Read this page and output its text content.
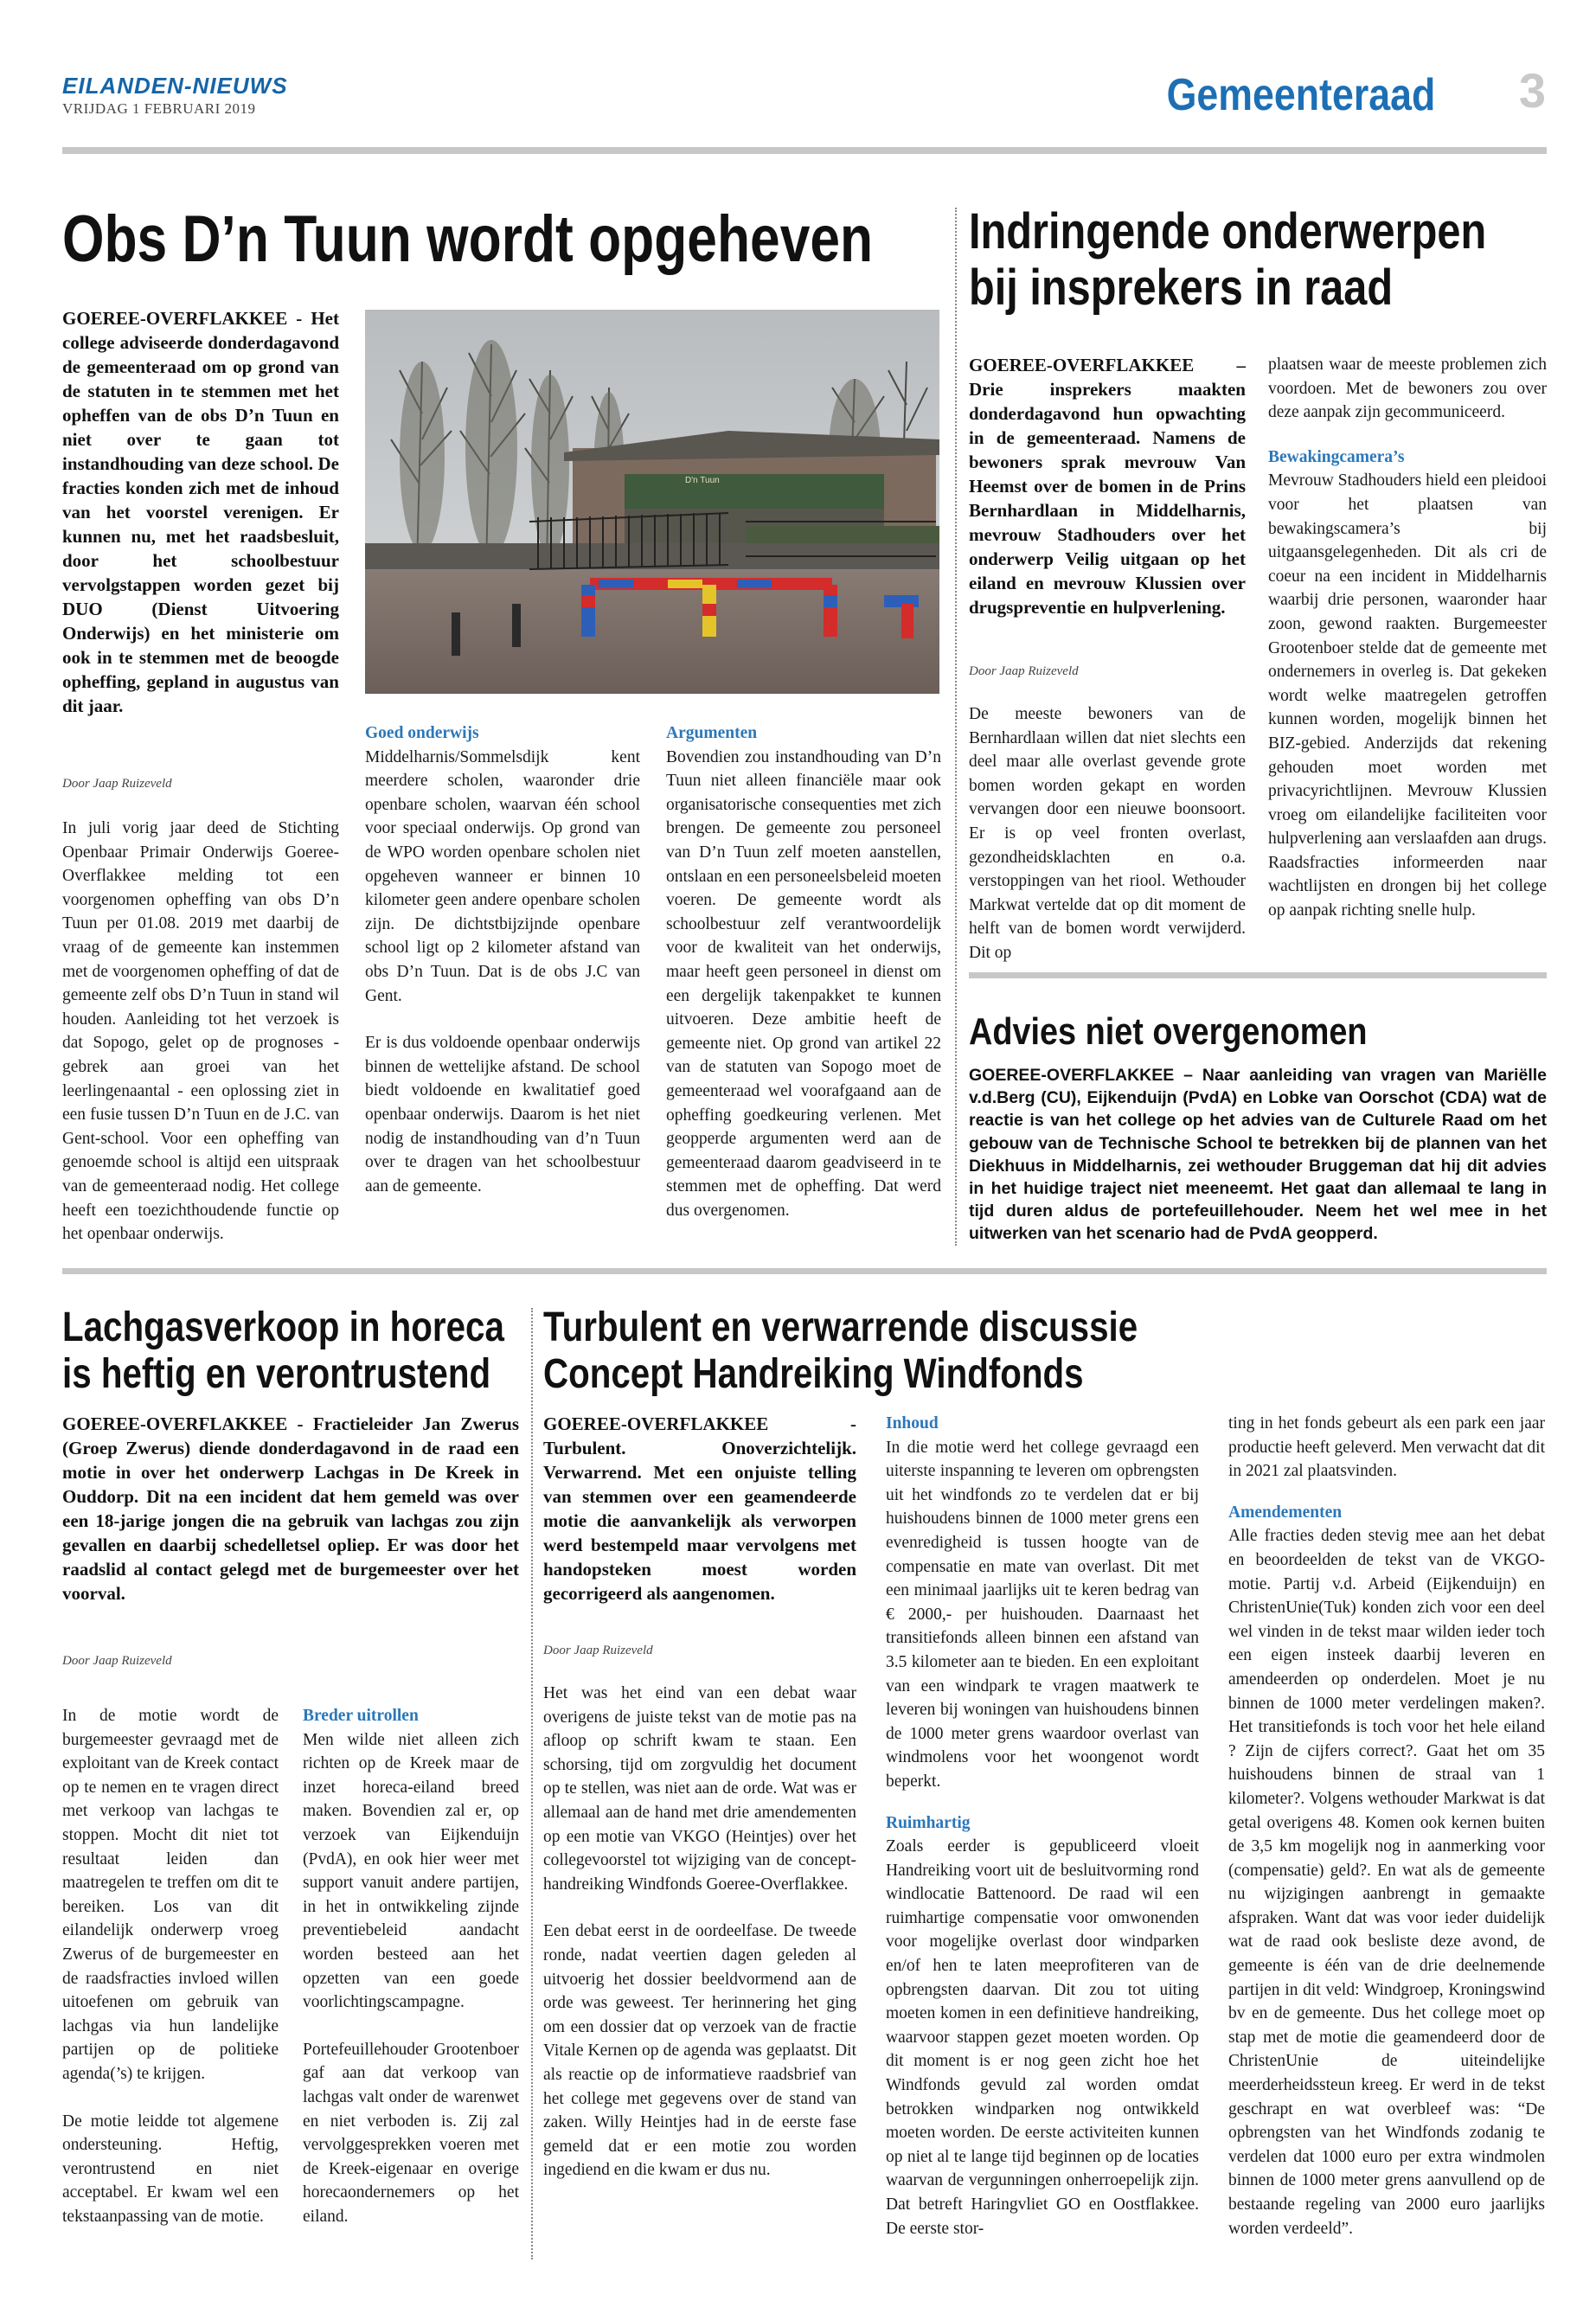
EILANDEN-NIEUWS
VRIJDAG 1 FEBRUARI 2019	Gemeenteraad 3
Obs D’n Tuun wordt opgeheven
GOEREE-OVERFLAKKEE - Het college adviseerde donderdagavond de gemeenteraad om op grond van de statuten in te stemmen met het opheffen van de obs D’n Tuun en niet over te gaan tot instandhouding van deze school. De fracties konden zich met de inhoud van het voorstel verenigen. Er kunnen nu, met het raadsbesluit, door het schoolbestuur vervolgstappen worden gezet bij DUO (Dienst Uitvoering Onderwijs) en het ministerie om ook in te stemmen met de beoogde opheffing, gepland in augustus van dit jaar.
Door Jaap Ruizeveld

In juli vorig jaar deed de Stichting Openbaar Primair Onderwijs Goeree-Overflakkee melding tot een voorgenomen opheffing van obs D’n Tuun per 01.08. 2019 met daarbij de vraag of de gemeente kan instemmen met de voorgenomen opheffing of dat de gemeente zelf obs D’n Tuun in stand wil houden. Aanleiding tot het verzoek is dat Sopogo, gelet op de prognoses - gebrek aan groei van het leerlingenaantal - een oplossing ziet in een fusie tussen D’n Tuun en de J.C. van Gent-school. Voor een opheffing van genoemde school is altijd een uitspraak van de gemeenteraad nodig. Het college heeft een toezichthoudende functie op het openbaar onderwijs.

D'n Tuun
Goed onderwijs

Middelharnis/Sommelsdijk kent meerdere scholen, waaronder drie openbare scholen, waarvan één school voor speciaal onderwijs. Op grond van de WPO worden openbare scholen niet opgeheven wanneer er binnen 10 kilometer geen andere openbare scholen zijn. De dichtstbijzijnde openbare school ligt op 2 kilometer afstand van obs D’n Tuun. Dat is de obs J.C van Gent.

Er is dus voldoende openbaar onderwijs binnen de wettelijke afstand. De school biedt voldoende en kwalitatief goed openbaar onderwijs. Daarom is het niet nodig de instandhouding van d’n Tuun over te dragen van het schoolbestuur aan de gemeente.

Argumenten

Bovendien zou instandhouding van D’n Tuun niet alleen financiële maar ook organisatorische consequenties met zich brengen. De gemeente zou personeel van D’n Tuun zelf moeten aanstellen, ontslaan en een personeelsbeleid moeten voeren. De gemeente wordt als schoolbestuur zelf verantwoordelijk voor de kwaliteit van het onderwijs, maar heeft geen personeel in dienst om een dergelijk takenpakket te kunnen uitvoeren. Deze ambitie heeft de gemeente niet. Op grond van artikel 22 van de statuten van Sopogo moet de gemeenteraad wel voorafgaand aan de opheffing goedkeuring verlenen. Met geopperde argumenten werd aan de gemeenteraad daarom geadviseerd in te stemmen met de opheffing. Dat werd dus overgenomen.

Indringende onderwerpen
bij insprekers in raad
GOEREE-OVERFLAKKEE – Drie insprekers maakten donderdagavond hun opwachting in de gemeenteraad. Namens de bewoners sprak mevrouw Van Heemst over de bomen in de Prins Bernhardlaan in Middelharnis, mevrouw Stadhouders over het onderwerp Veilig uitgaan op het eiland en mevrouw Klussien over drugspreventie en hulpverlening.
Door Jaap Ruizeveld

De meeste bewoners van de Bernhardlaan willen dat niet slechts een deel maar alle overlast gevende grote bomen worden gekapt en worden vervangen door een nieuwe boonsoort. Er is op veel fronten overlast, gezondheidsklachten en o.a. verstoppingen van het riool. Wethouder Markwat vertelde dat op dit moment de helft van de bomen wordt verwijderd. Dit op

plaatsen waar de meeste problemen zich voordoen. Met de bewoners zou over deze aanpak zijn gecommuniceerd.

Bewakingcamera’s

Mevrouw Stadhouders hield een pleidooi voor het plaatsen van bewakingscamera’s bij uitgaansgelegenheden. Dit als cri de coeur na een incident in Middelharnis waarbij drie personen, waaronder haar zoon, gewond raakten. Burgemeester Grootenboer stelde dat de gemeente met ondernemers in overleg is. Dat gekeken wordt welke maatregelen getroffen kunnen worden, mogelijk binnen het BIZ-gebied. Anderzijds dat rekening gehouden moet worden met privacyrichtlijnen. Mevrouw Klussien vroeg om eilandelijke faciliteiten voor hulpverlening aan verslaafden aan drugs. Raadsfracties informeerden naar wachtlijsten en drongen bij het college op aanpak richting snelle hulp.

Advies niet overgenomen
GOEREE-OVERFLAKKEE – Naar aanleiding van vragen van Mariëlle v.d.Berg (CU), Eijkenduijn (PvdA) en Lobke van Oorschot (CDA) wat de reactie is van het college op het advies van de Culturele Raad om het gebouw van de Technische School te betrekken bij de plannen van het Diekhuus in Middelharnis, zei wethouder Bruggeman dat hij dit advies in het huidige traject niet meeneemt. Het gaat dan allemaal te lang in tijd duren aldus de portefeuillehouder. Neem het wel mee in het uitwerken van het scenario had de PvdA geopperd.
Lachgasverkoop in horeca
is heftig en verontrustend
GOEREE-OVERFLAKKEE - Fractieleider Jan Zwerus (Groep Zwerus) diende donderdagavond in de raad een motie in over het onderwerp Lachgas in De Kreek in Ouddorp. Dit na een incident dat hem gemeld was over een 18-jarige jongen die na gebruik van lachgas zou zijn gevallen en daarbij schedelletsel opliep. Er was door het raadslid al contact gelegd met de burgemeester over het voorval.
Door Jaap Ruizeveld

In de motie wordt de burgemeester gevraagd met de exploitant van de Kreek contact op te nemen en te vragen direct met verkoop van lachgas te stoppen. Mocht dit niet tot resultaat leiden dan maatregelen te treffen om dit te bereiken. Los van dit eilandelijk onderwerp vroeg Zwerus of de burgemeester en de raadsfracties invloed willen uitoefenen om gebruik van lachgas via hun landelijke partijen op de politieke agenda(’s) te krijgen.

De motie leidde tot algemene ondersteuning. Heftig, verontrustend en niet acceptabel. Er kwam wel een tekstaanpassing van de motie.

Breder uitrollen

Men wilde niet alleen zich richten op de Kreek maar de inzet horeca-eiland breed maken. Bovendien zal er, op verzoek van Eijkenduijn (PvdA), en ook hier weer met support vanuit andere partijen, in het in ontwikkeling zijnde preventiebeleid aandacht worden besteed aan het opzetten van een goede voorlichtingscampagne.

Portefeuillehouder Grootenboer gaf aan dat verkoop van lachgas valt onder de warenwet en niet verboden is. Zij zal vervolggesprekken voeren met de Kreek-eigenaar en overige horecaondernemers op het eiland.

Turbulent en verwarrende discussie
Concept Handreiking Windfonds
GOEREE-OVERFLAKKEE - Turbulent. Onoverzichtelijk. Verwarrend. Met een onjuiste telling van stemmen over een geamendeerde motie die aanvankelijk als verworpen werd bestempeld maar vervolgens met handopsteken moest worden gecorrigeerd als aangenomen.
Door Jaap Ruizeveld

Het was het eind van een debat waar overigens de juiste tekst van de motie pas na afloop op schrift kwam te staan. Een schorsing, tijd om zorgvuldig het document op te stellen, was niet aan de orde. Wat was er allemaal aan de hand met drie amendementen op een motie van VKGO (Heintjes) over het collegevoorstel tot wijziging van de concept-handreiking Windfonds Goeree-Overflakkee.

Een debat eerst in de oordeelfase. De tweede ronde, nadat veertien dagen geleden al uitvoerig het dossier beeldvormend aan de orde was geweest. Ter herinnering het ging om een dossier dat op verzoek van de fractie Vitale Kernen op de agenda was geplaatst. Dit als reactie op de informatieve raadsbrief van het college met gegevens over de stand van zaken. Willy Heintjes had in de eerste fase gemeld dat er een motie zou worden ingediend en die kwam er dus nu.

Inhoud

In die motie werd het college gevraagd een uiterste inspanning te leveren om opbrengsten uit het windfonds zo te verdelen dat er bij huishoudens binnen de 1000 meter grens een evenredigheid is tussen hoogte van de compensatie en mate van overlast. Dit met een minimaal jaarlijks uit te keren bedrag van € 2000,- per huishouden. Daarnaast het transitiefonds alleen binnen een afstand van 3.5 kilometer aan te bieden. En een exploitant van een windpark te vragen maatwerk te leveren bij woningen van huishoudens binnen de 1000 meter grens waardoor overlast van windmolens voor het woongenot wordt beperkt.

Ruimhartig

Zoals eerder is gepubliceerd vloeit Handreiking voort uit de besluitvorming rond windlocatie Battenoord. De raad wil een ruimhartige compensatie voor omwonenden voor mogelijke overlast door windparken en/of hen te laten meeprofiteren van de opbrengsten daarvan. Dit zou tot uiting moeten komen in een definitieve handreiking, waarvoor stappen gezet moeten worden. Op dit moment is er nog geen zicht hoe het Windfonds gevuld zal worden omdat betrokken windparken nog ontwikkeld moeten worden. De eerste activiteiten kunnen op niet al te lange tijd beginnen op de locaties waarvan de vergunningen onherroepelijk zijn. Dat betreft Haringvliet GO en Oostflakkee. De eerste stor-

ting in het fonds gebeurt als een park een jaar productie heeft geleverd. Men verwacht dat dit in 2021 zal plaatsvinden.

Amendementen

Alle fracties deden stevig mee aan het debat en beoordeelden de tekst van de VKGO-motie. Partij v.d. Arbeid (Eijkenduijn) en ChristenUnie(Tuk) konden zich voor een deel wel vinden in de tekst maar wilden ieder toch een eigen insteek daarbij leveren en amendeerden op onderdelen. Moet je nu binnen de 1000 meter verdelingen maken?. Het transitiefonds is toch voor het hele eiland ? Zijn de cijfers correct?. Gaat het om 35 huishoudens binnen de straal van 1 kilometer?. Volgens wethouder Markwat is dat getal overigens 48. Komen ook kernen buiten de 3,5 km mogelijk nog in aanmerking voor (compensatie) geld?. En wat als de gemeente nu wijzigingen aanbrengt in gemaakte afspraken. Want dat was voor ieder duidelijk wat de raad ook besliste deze avond, de gemeente is één van de drie deelnemende partijen in dit veld: Windgroep, Kroningswind bv en de gemeente. Dus het college moet op stap met de motie die geamendeerd door de ChristenUnie de uiteindelijke meerderheidssteun kreeg. Er werd in de tekst geschrapt en wat overbleef was: “De opbrengsten van het Windfonds zodanig te verdelen dat 1000 euro per extra windmolen binnen de 1000 meter grens aanvullend op de bestaande regeling van 2000 euro jaarlijks worden verdeeld”.
